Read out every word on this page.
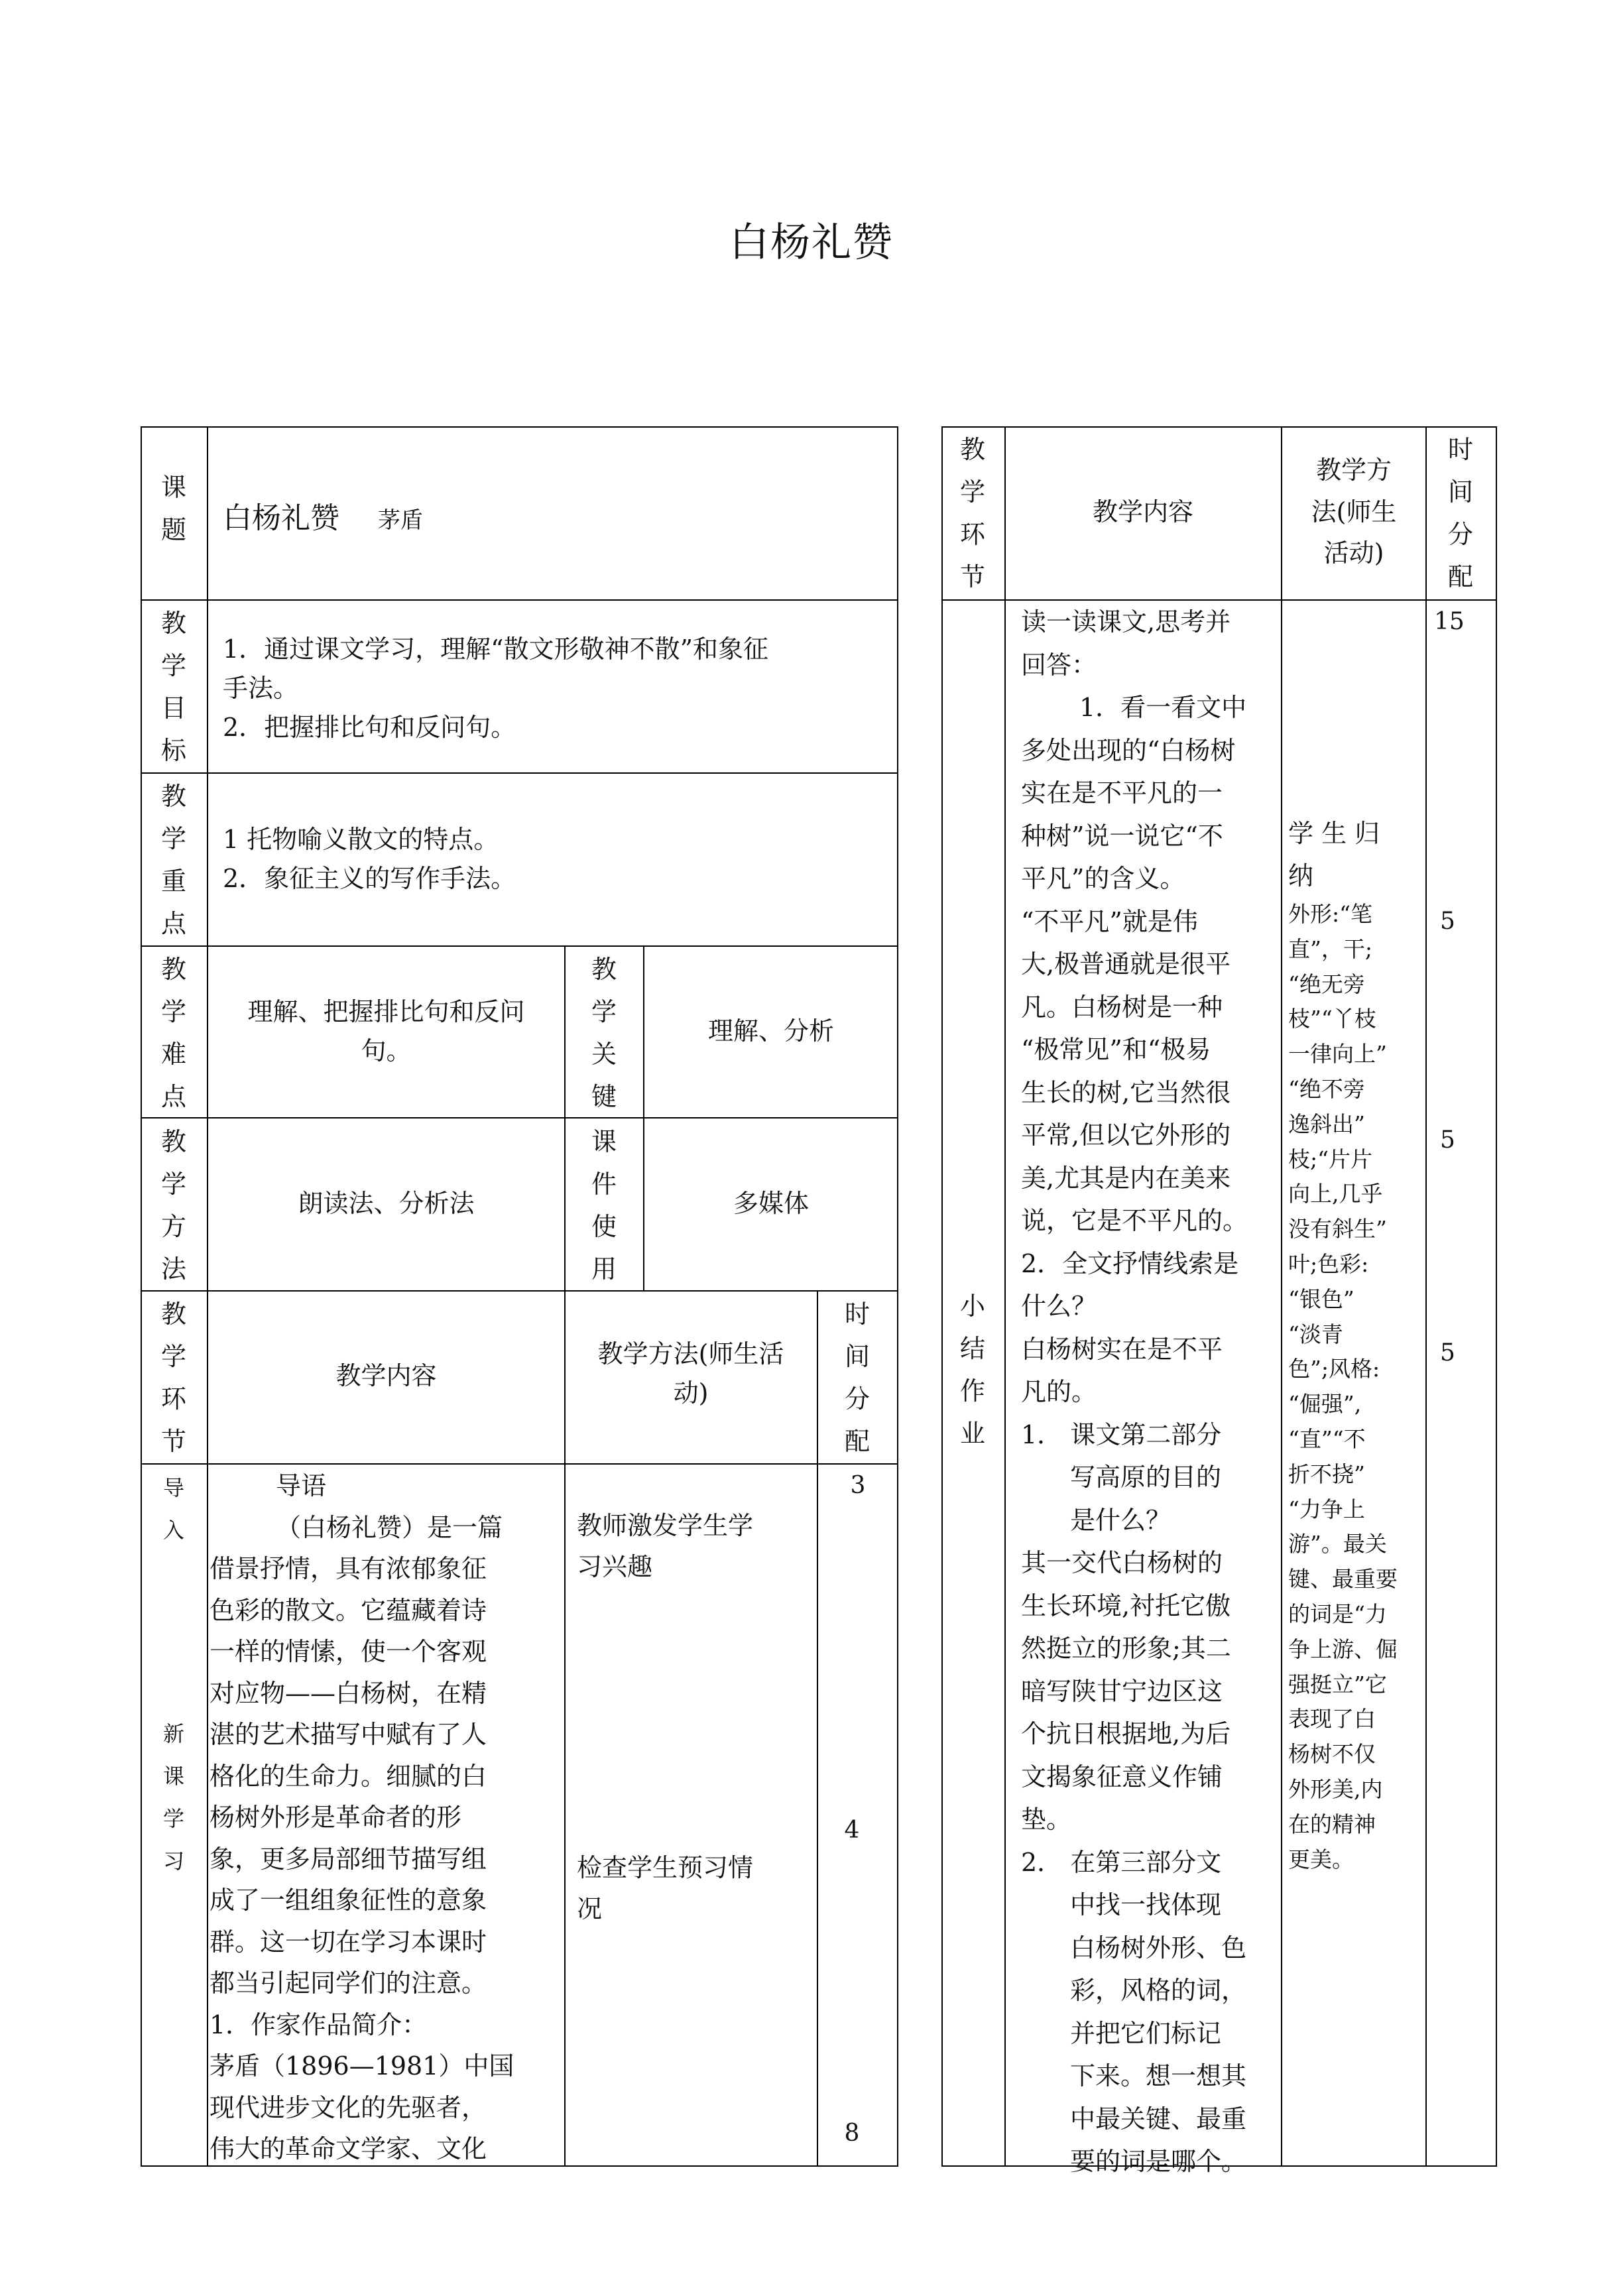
白杨礼赞
课题 白杨礼赞 茅盾
教学目标
1．通过课文学习，理解“散文形敬神不散”和象征
手法。
2．把握排比句和反问句。
教学重点
1 托物喻义散文的特点。
2．象征主义的写作手法。
教学难点
理解、把握排比句和反问
句。
教学关键
理解、分析
教学方法
朗读法、分析法
课件使用
多媒体
教学环节
教学内容
教学方法(师生活
动)
时间分配
导入
新课学习
导语
（白杨礼赞）是一篇
借景抒情，具有浓郁象征
色彩的散文。它蕴藏着诗
一样的情愫，使一个客观
对应物——白杨树，在精
湛的艺术描写中赋有了人
格化的生命力。细腻的白
杨树外形是革命者的形
象，更多局部细节描写组
成了一组组象征性的意象
群。这一切在学习本课时
都当引起同学们的注意。
1．作家作品简介：
茅盾（1896—1981）中国
现代进步文化的先驱者，
伟大的革命文学家、文化
教师激发学生学
习兴趣
检查学生预习情
况
3
4
8
教学环节
教学内容
教学方
法(师生
活动)
时间分配
小结作业
读一读课文,思考并
回答：
1．看一看文中
多处出现的“白杨树
实在是不平凡的一
种树”说一说它“不
平凡”的含义。
“不平凡”就是伟
大,极普通就是很平
凡。白杨树是一种
“极常见”和“极易
生长的树,它当然很
平常,但以它外形的
美,尤其是内在美来
说，它是不平凡的。
2．全文抒情线索是
什么？
白杨树实在是不平
凡的。
1． 课文第二部分
写高原的目的
是什么？
其一交代白杨树的
生长环境,衬托它傲
然挺立的形象;其二
暗写陕甘宁边区这
个抗日根据地,为后
文揭象征意义作铺
垫。
2． 在第三部分文
中找一找体现
白杨树外形、色
彩，风格的词，
并把它们标记
下来。想一想其
中最关键、最重
要的词是哪个。
学 生 归
纳
外形:“笔
直”，干;
“绝无旁
枝”“丫枝
一律向上”
“绝不旁
逸斜出”
枝;“片片
向上,几乎
没有斜生”
叶;色彩:
“银色”
“淡青
色”;风格:
“倔强”,
“直”“不
折不挠”
“力争上
游”。最关
键、最重要
的词是“力
争上游、倔
强挺立”它
表现了白
杨树不仅
外形美,内
在的精神
更美。
15
5
5
5
